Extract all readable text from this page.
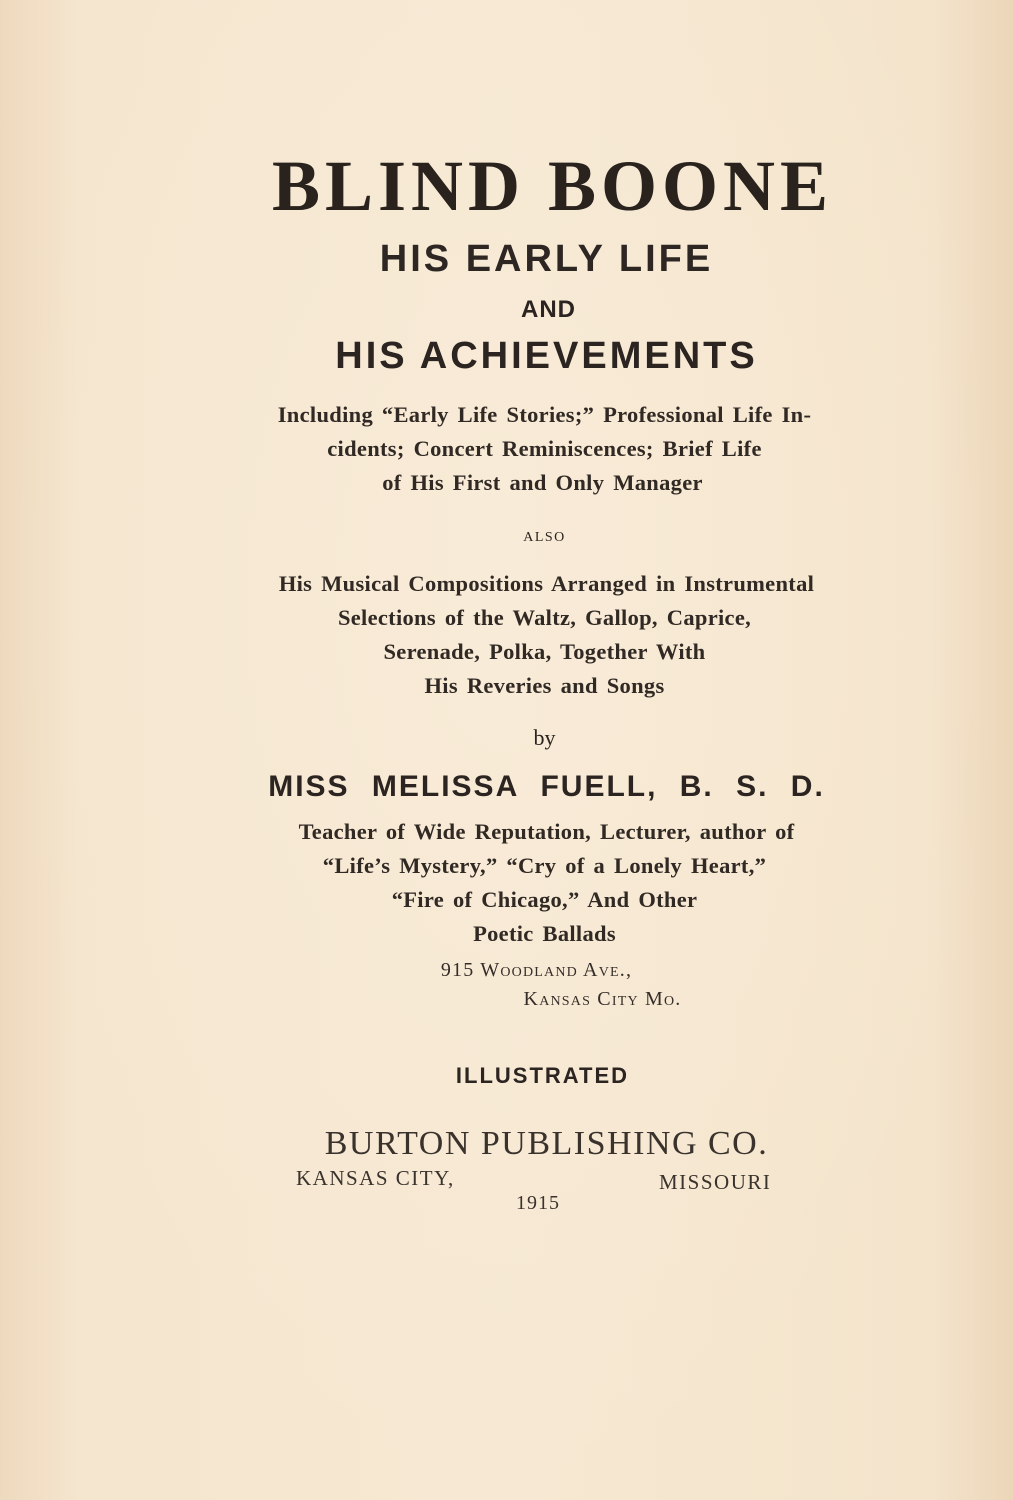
BLIND BOONE
HIS EARLY LIFE
AND
HIS ACHIEVEMENTS
Including “Early Life Stories;” Professional Life In-
cidents; Concert Reminiscences; Brief Life
of His First and Only Manager
ALSO
His Musical Compositions Arranged in Instrumental
Selections of the Waltz, Gallop, Caprice,
Serenade, Polka, Together With
His Reveries and Songs
by
MISS MELISSA FUELL, B. S. D.
Teacher of Wide Reputation, Lecturer, author of
“Life’s Mystery,” “Cry of a Lonely Heart,”
“Fire of Chicago,” And Other
Poetic Ballads
915 Woodland Ave.,
Kansas City Mo.
ILLUSTRATED
BURTON PUBLISHING CO.
KANSAS CITY,	MISSOURI
1915
